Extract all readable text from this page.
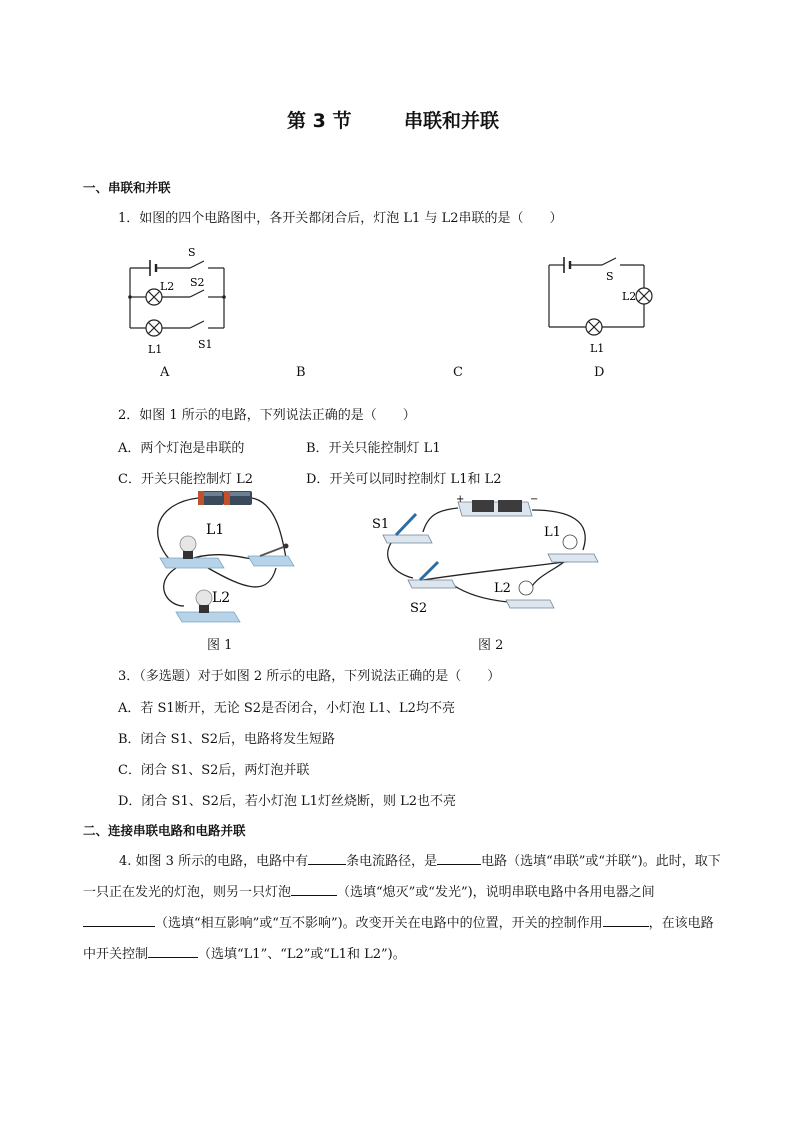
第 3 节	串联和并联
一、串联和并联
1．如图的四个电路图中，各开关都闭合后，灯泡 L1 与 L2串联的是（　　）
S
S2
L2
L1	S1
S
L2
L1
A	B	C	D
2．如图 1 所示的电路，下列说法正确的是（　　）
A．两个灯泡是串联的	B．开关只能控制灯 L1
C．开关只能控制灯 L2	D．开关可以同时控制灯 L1和 L2
L1
L2
图 1
+	−
S1
L1
S2
L2
图 2
3．（多选题）对于如图 2 所示的电路，下列说法正确的是（　　）
A．若 S1断开，无论 S2是否闭合，小灯泡 L1、L2均不亮
B．闭合 S1、S2后，电路将发生短路
C．闭合 S1、S2后，两灯泡并联
D．闭合 S1、S2后，若小灯泡 L1灯丝烧断，则 L2也不亮
二、连接串联电路和电路并联
4. 如图 3 所示的电路，电路中有	条电流路径，是	电路（选填“串联”或“并联”)。此时，取下一只正在发光的灯泡，则另一只灯泡	（选填“熄灭”或“发光”)，说明串联电路中各用电器之间（选填“相互影响”或“互不影响”)。改变开关在电路中的位置，开关的控制作用	，在该电路中开关控制	（选填“L1”、“L2”或“L1和 L2”)。
